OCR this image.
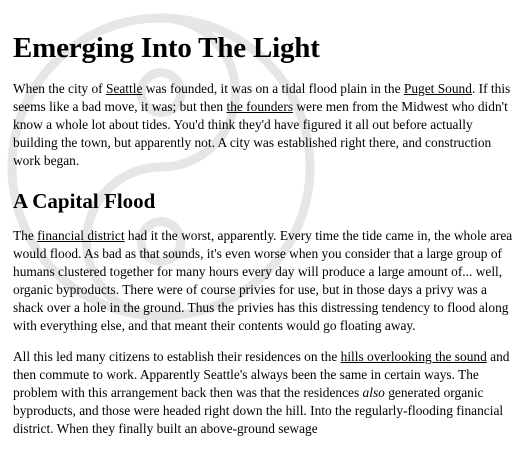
Emerging Into The Light

When the city of Seattle was founded, it was on a tidal flood plain in the Puget Sound. If this seems like a bad move, it was; but then the founders were men from the Midwest who didn't know a whole lot about tides. You'd think they'd have figured it all out before actually building the town, but apparently not. A city was established right there, and construction work began.

A Capital Flood

The financial district had it the worst, apparently. Every time the tide came in, the whole area would flood. As bad as that sounds, it's even worse when you consider that a large group of humans clustered together for many hours every day will produce a large amount of... well, organic byproducts. There were of course privies for use, but in those days a privy was a shack over a hole in the ground. Thus the privies has this distressing tendency to flood along with everything else, and that meant their contents would go floating away.

All this led many citizens to establish their residences on the hills overlooking the sound and then commute to work. Apparently Seattle's always been the same in certain ways. The problem with this arrangement back then was that the residences also generated organic byproducts, and those were headed right down the hill. Into the regularly-flooding financial district. When they finally built an above-ground sewage
